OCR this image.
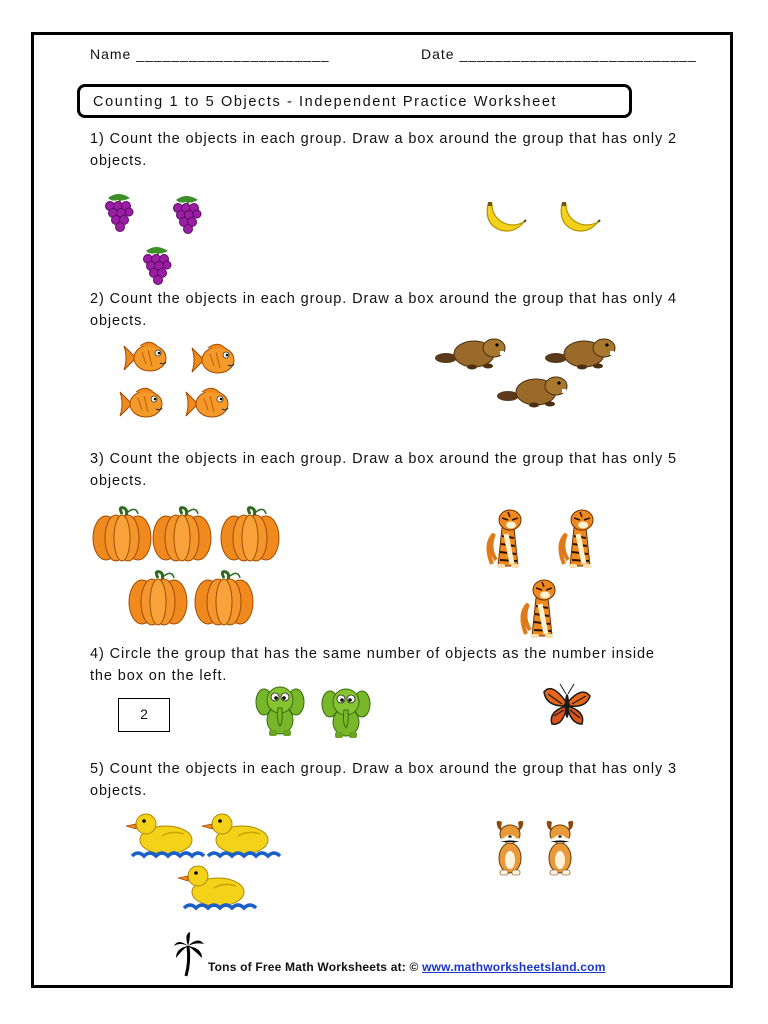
Name ______________________	Date ___________________________
Counting 1 to 5 Objects - Independent Practice Worksheet
1) Count the objects in each group. Draw a box around the group that has only 2 objects.
2) Count the objects in each group. Draw a box around the group that has only 4 objects.
3) Count the objects in each group. Draw a box around the group that has only 5 objects.
4) Circle the group that has the same number of objects as the number inside the box on the left.
5) Count the objects in each group. Draw a box around the group that has only 3 objects.
2
Tons of Free Math Worksheets at: © www.mathworksheetsland.com
